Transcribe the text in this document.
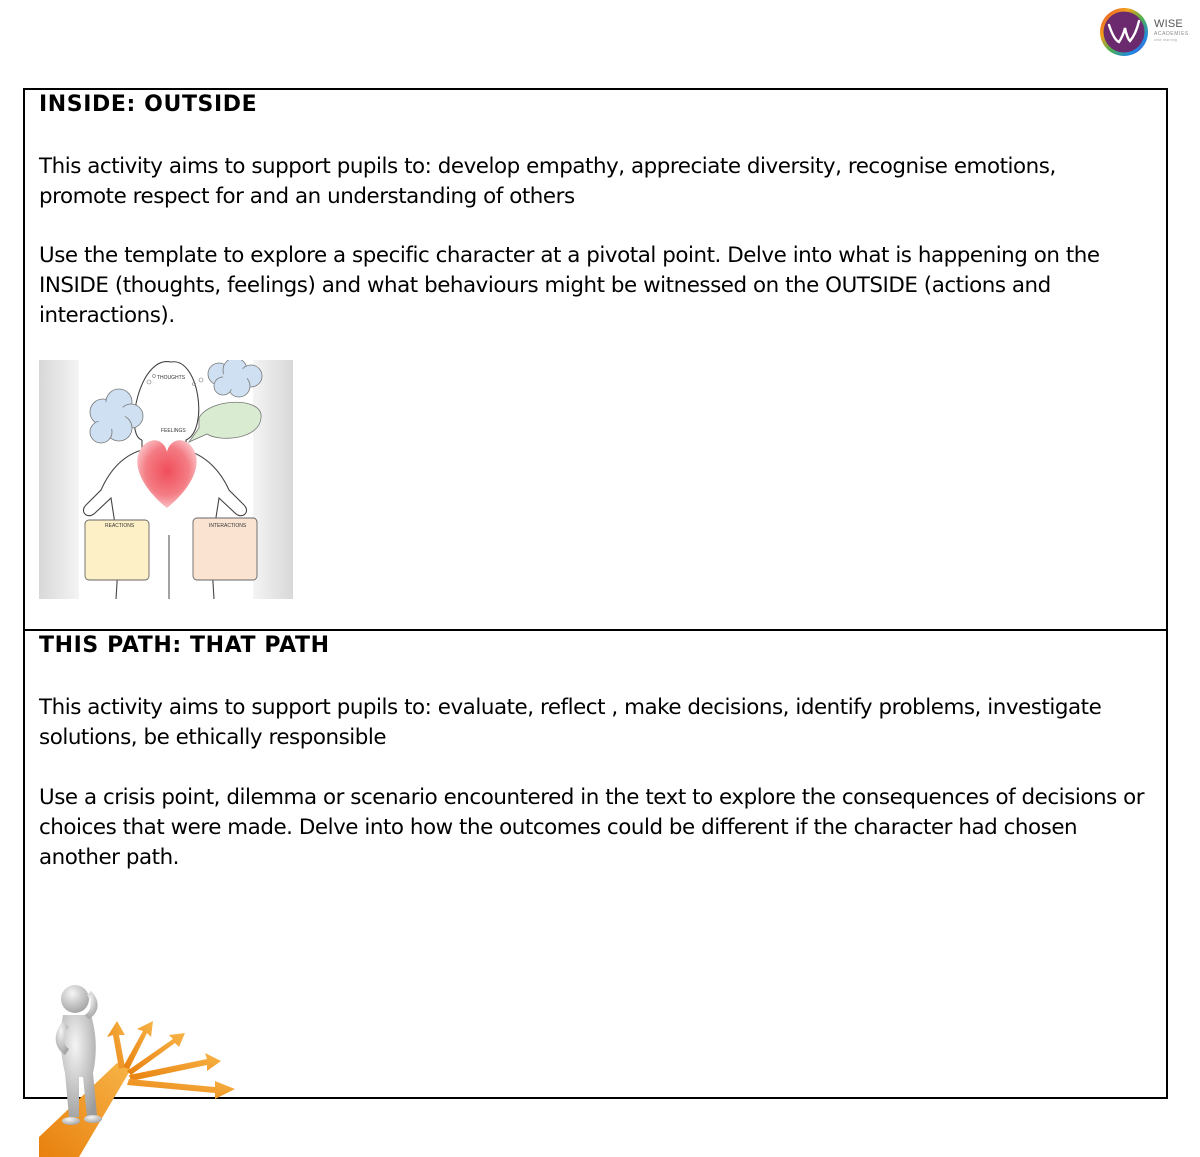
WISE
ACADEMIES
wise learning
INSIDE: OUTSIDE

This activity aims to support pupils to: develop empathy, appreciate diversity, recognise emotions, promote respect for and an understanding of others

Use the template to explore a specific character at a pivotal point. Delve into what is happening on the INSIDE (thoughts, feelings) and what behaviours might be witnessed on the OUTSIDE (actions and interactions).

THOUGHTS
FEELINGS
REACTIONS	INTERACTIONS
THIS PATH: THAT PATH

This activity aims to support pupils to: evaluate, reflect , make decisions, identify problems, investigate solutions, be ethically responsible

Use a crisis point, dilemma or scenario encountered in the text to explore the consequences of decisions or choices that were made. Delve into how the outcomes could be different if the character had chosen another path.
